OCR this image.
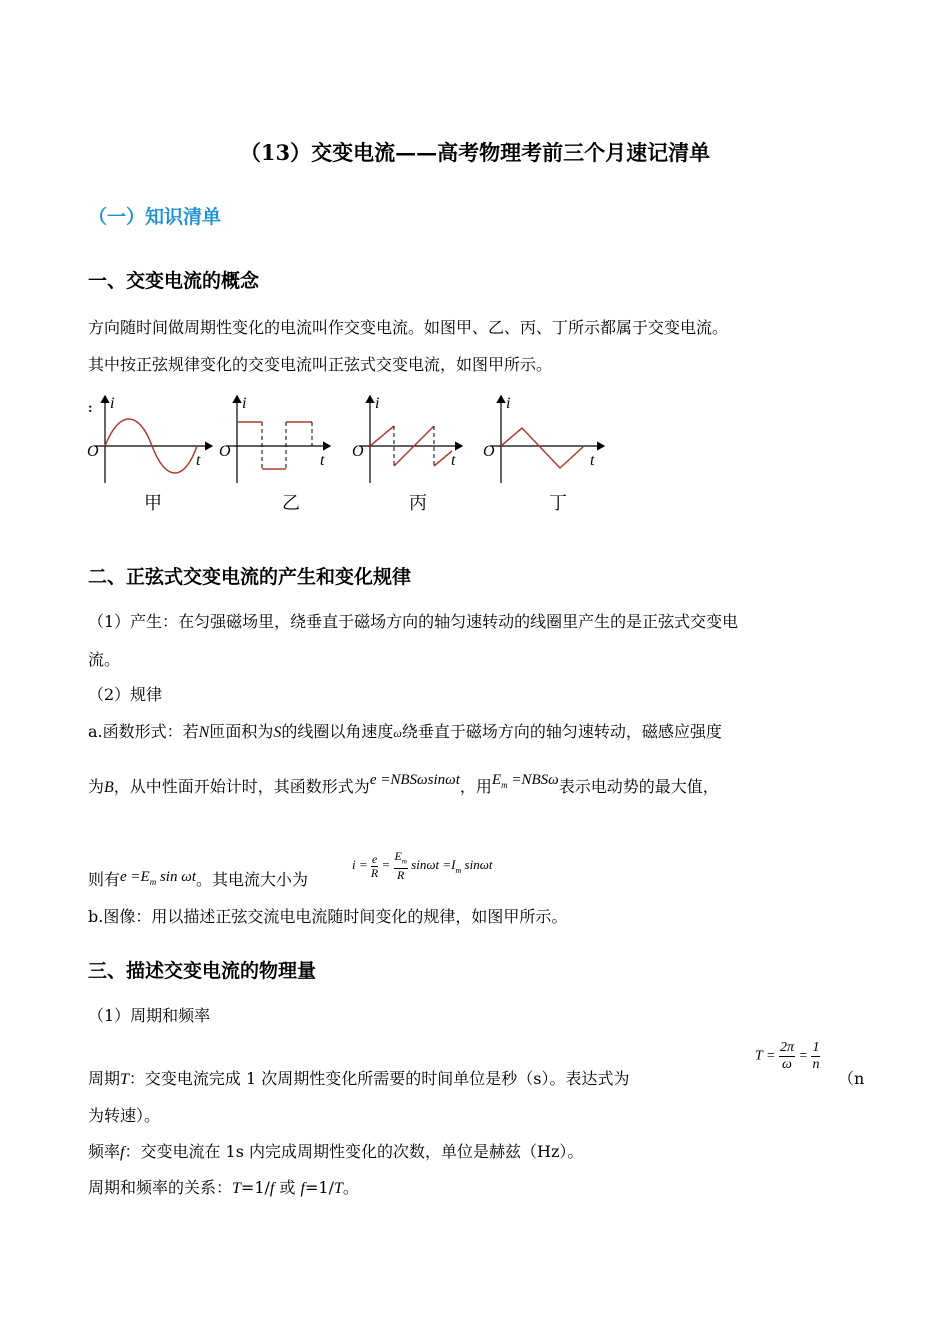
（13）交变电流——高考物理考前三个月速记清单
（一）知识清单
一、交变电流的概念
方向随时间做周期性变化的电流叫作交变电流。如图甲、乙、丙、丁所示都属于交变电流。
其中按正弦规律变化的交变电流叫正弦式交变电流，如图甲所示。
: i
O
t
甲
i
O
t
乙
i
O
t
丙
i
O
t
丁
二、正弦式交变电流的产生和变化规律
（1）产生：在匀强磁场里，绕垂直于磁场方向的轴匀速转动的线圈里产生的是正弦式交变电
流。
（2）规律
a.函数形式：若N匝面积为S的线圈以角速度ω绕垂直于磁场方向的轴匀速转动，磁感应强度
为B，从中性面开始计时，其函数形式为e =NBSωsinωt，用$E_m =NBS\omega$表示电动势的最大值，
则有$e =E_m$ sin ωt。其电流大小为
$i = \frac{e}{R} = \frac{E_m}{R}$ $\sin\omega t =I_m$ sinωt
b.图像：用以描述正弦交流电电流随时间变化的规律，如图甲所示。
三、描述交变电流的物理量
（1）周期和频率
周期T：交变电流完成 1 次周期性变化所需要的时间单位是秒（s）。表达式为
$T = \frac{2\pi}{\omega} = \frac{1}{n}$
（n
为转速）。
频率f：交变电流在 1s 内完成周期性变化的次数，单位是赫兹（Hz）。
周期和频率的关系：T=1/f 或 f=1/T。
